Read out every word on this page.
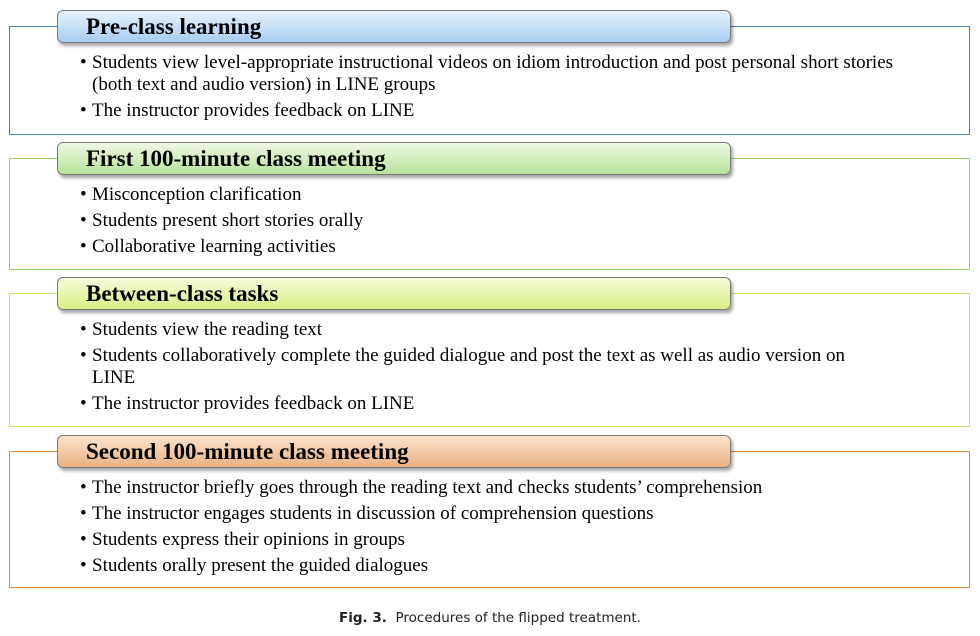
Pre-class learning
• Students view level-appropriate instructional videos on idiom introduction and post personal short stories (both text and audio version) in LINE groups
• The instructor provides feedback on LINE
First 100-minute class meeting
• Misconception clarification
• Students present short stories orally
• Collaborative learning activities
Between-class tasks
• Students view the reading text
• Students collaboratively complete the guided dialogue and post the text as well as audio version on LINE
• The instructor provides feedback on LINE
Second 100-minute class meeting
• The instructor briefly goes through the reading text and checks students’ comprehension
• The instructor engages students in discussion of comprehension questions
• Students express their opinions in groups
• Students orally present the guided dialogues
Fig. 3. Procedures of the flipped treatment.
